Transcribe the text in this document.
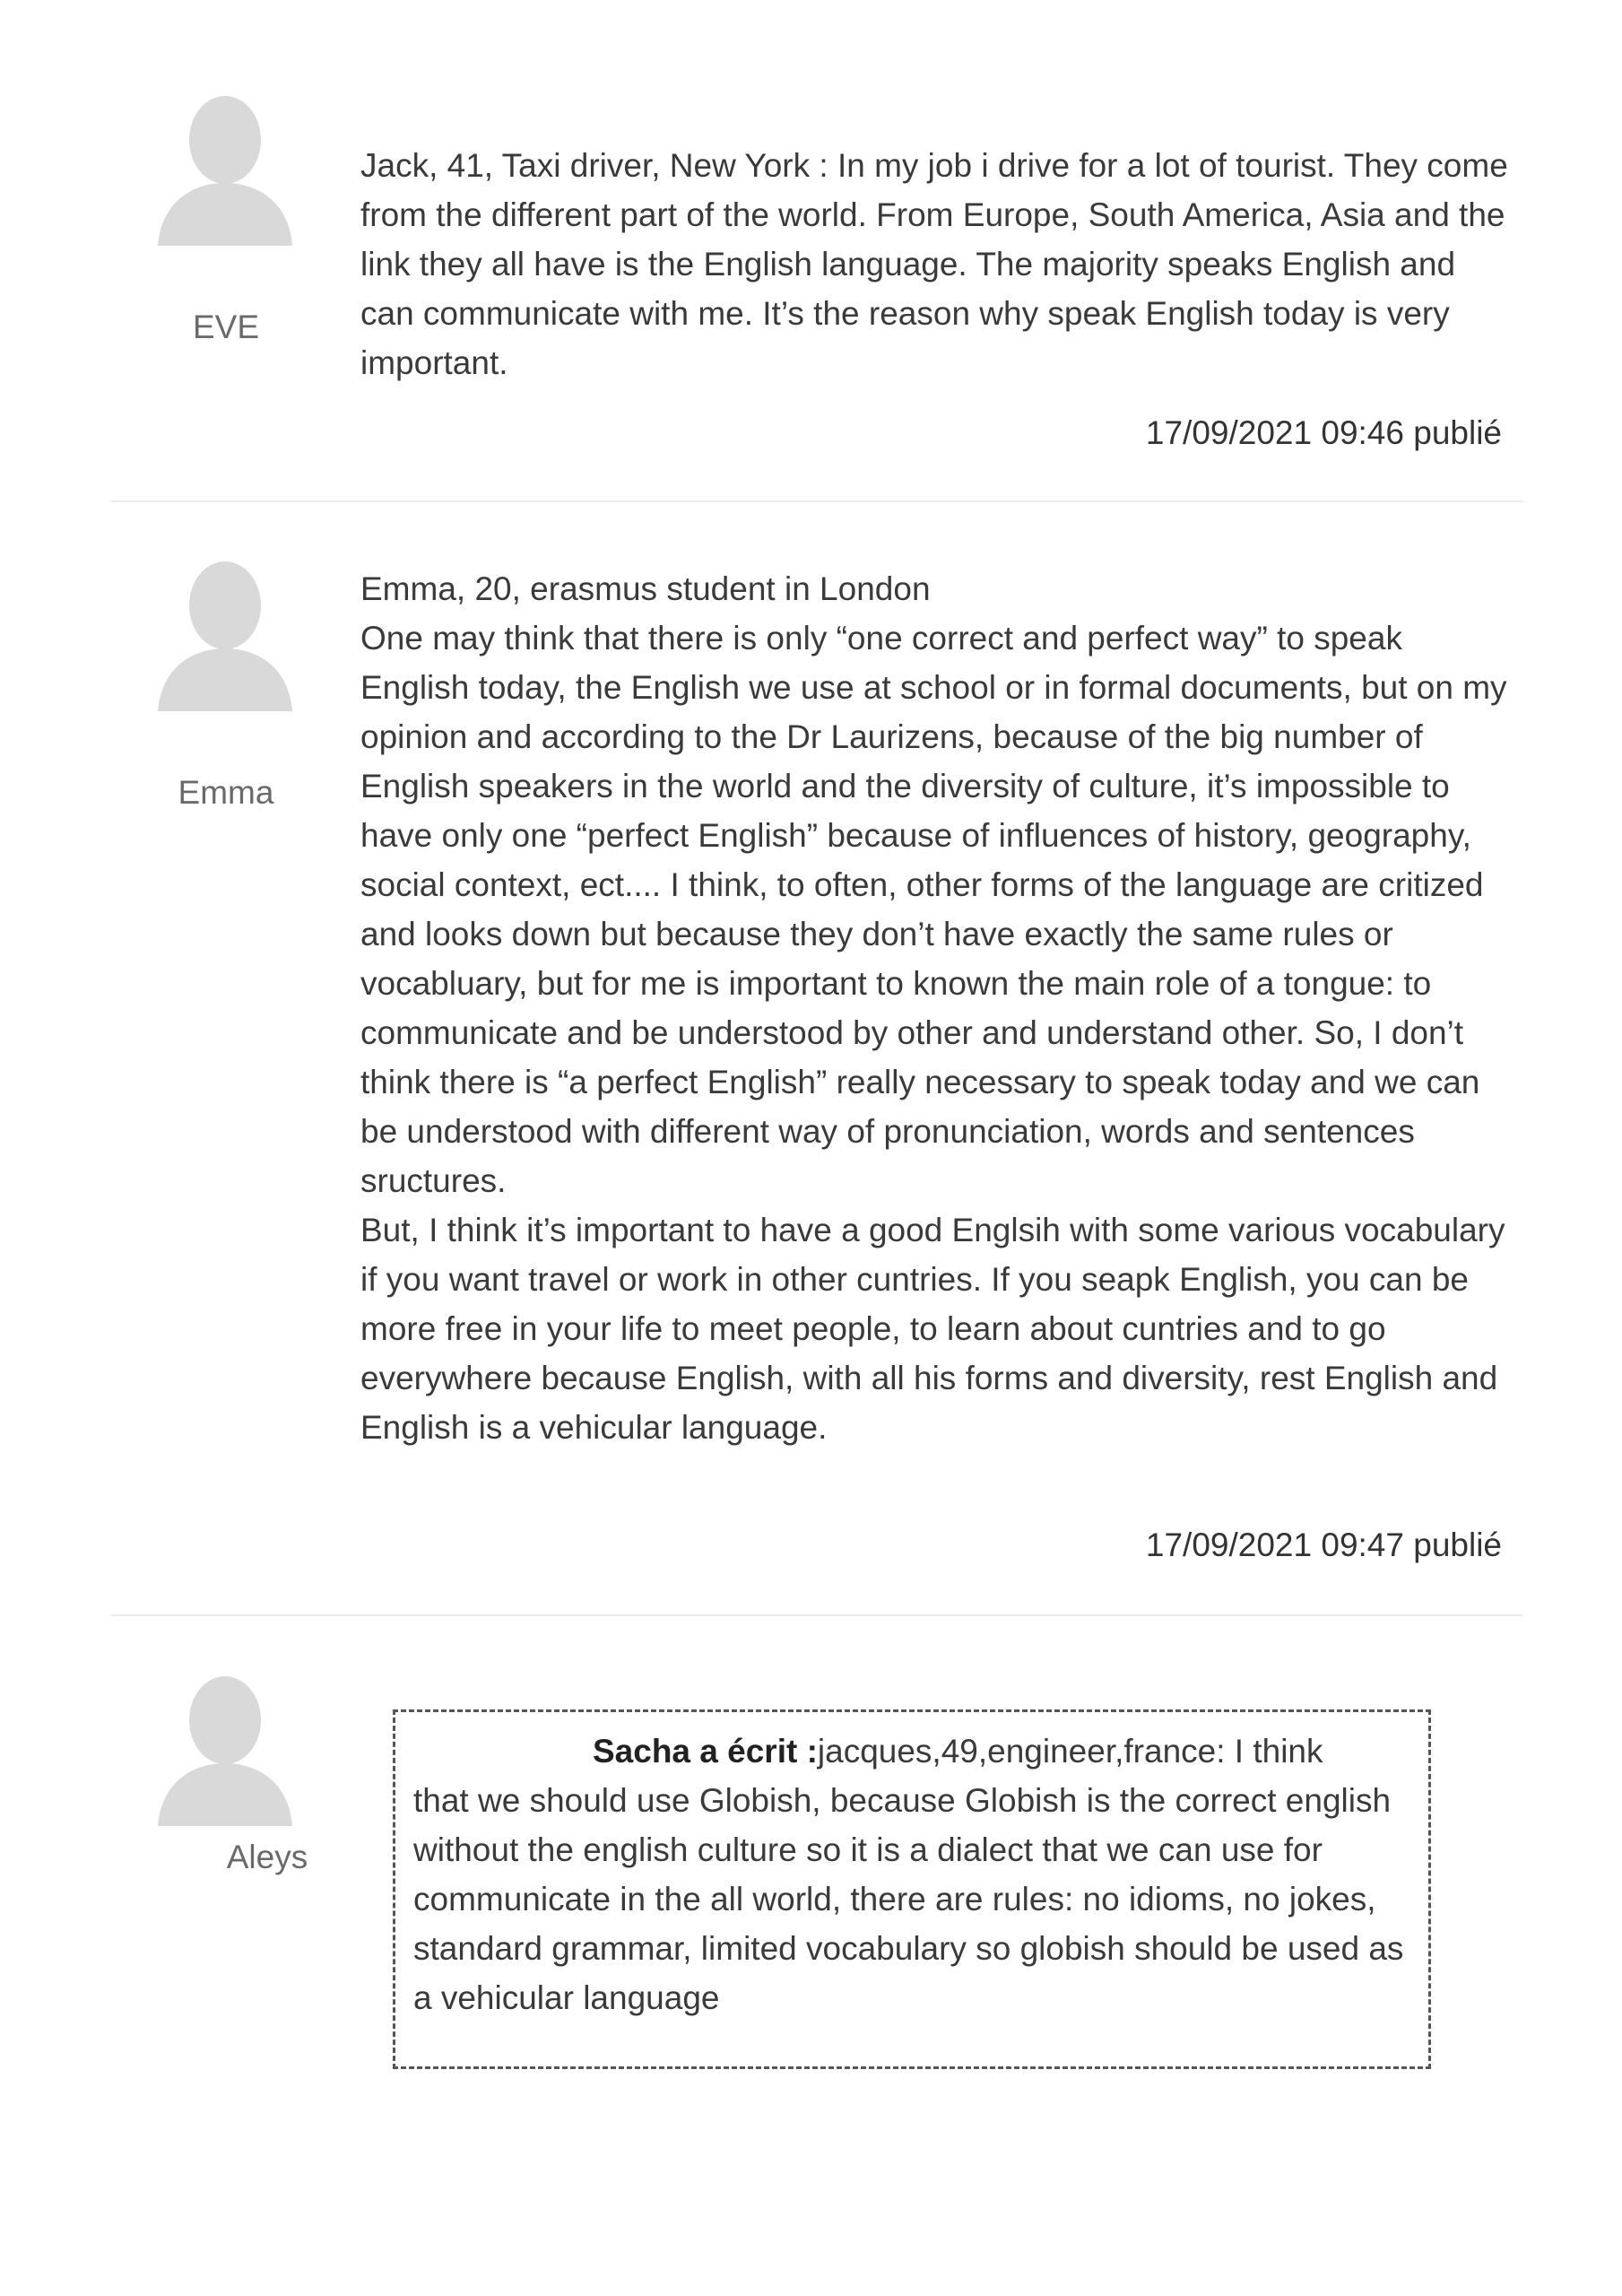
EVE

Jack, 41, Taxi driver, New York : In my job i drive for a lot of tourist. They come from the different part of the world. From Europe, South America, Asia and the link they all have is the English language. The majority speaks English and can communicate with me. It’s the reason why speak English today is very important.

17/09/2021 09:46 publié
Emma

Emma, 20, erasmus student in London

One may think that there is only “one correct and perfect way” to speak English today, the English we use at school or in formal documents, but on my opinion and according to the Dr Laurizens, because of the big number of English speakers in the world and the diversity of culture, it’s impossible to have only one “perfect English” because of influences of history, geography, social context, ect.... I think, to often, other forms of the language are critized and looks down but because they don’t have exactly the same rules or vocabluary, but for me is important to known the main role of a tongue: to communicate and be understood by other and understand other. So, I don’t think there is “a perfect English” really necessary to speak today and we can be understood with different way of pronunciation, words and sentences sructures.

But, I think it’s important to have a good Englsih with some various vocabulary if you want travel or work in other cuntries. If you seapk English, you can be more free in your life to meet people, to learn about cuntries and to go everywhere because English, with all his forms and diversity, rest English and English is a vehicular language.

17/09/2021 09:47 publié
Aleys
Sacha a écrit :jacques,49,engineer,france: I think
that we should use Globish, because Globish is the correct english without the english culture so it is a dialect that we can use for communicate in the all world, there are rules: no idioms, no jokes, standard grammar, limited vocabulary so globish should be used as a vehicular language
